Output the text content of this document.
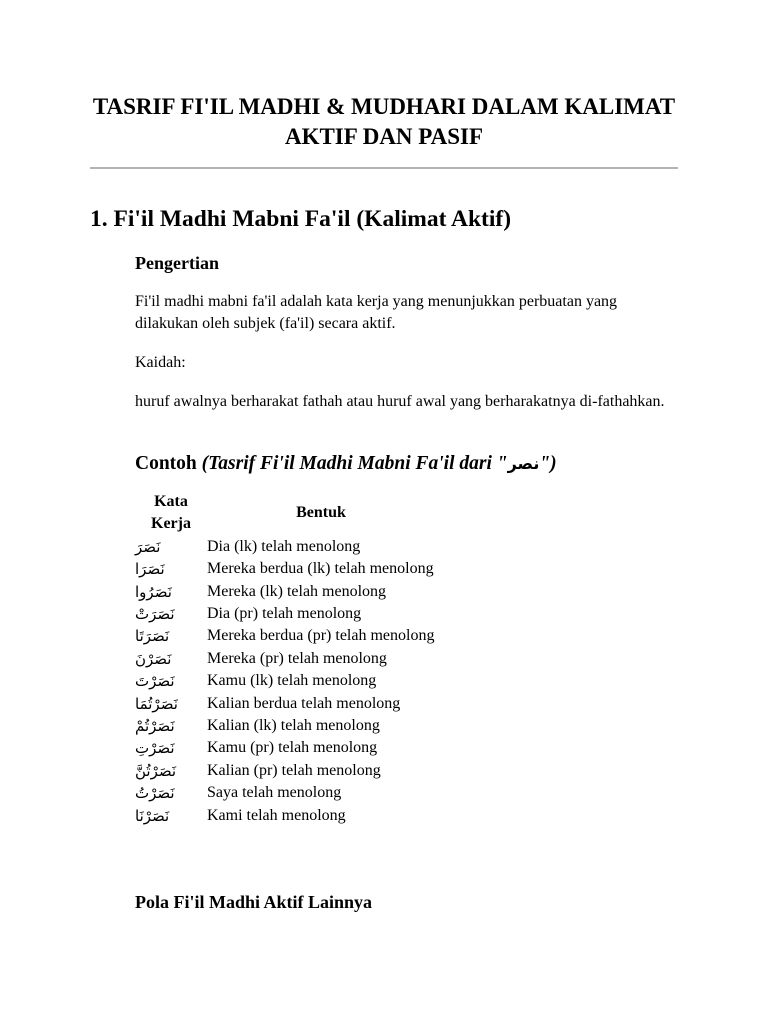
TASRIF FI'IL MADHI & MUDHARI DALAM KALIMAT AKTIF DAN PASIF
1. Fi'il Madhi Mabni Fa'il (Kalimat Aktif)
Pengertian

Fi'il madhi mabni fa'il adalah kata kerja yang menunjukkan perbuatan yang dilakukan oleh subjek (fa'il) secara aktif.

Kaidah:

huruf awalnya berharakat fathah atau huruf awal yang berharakatnya di-fathahkan.

Contoh (Tasrif Fi'il Madhi Mabni Fa'il dari "نصر")
Kata Kerja	Bentuk
نَصَرَ	Dia (lk) telah menolong
نَصَرَا	Mereka berdua (lk) telah menolong
نَصَرُوا	Mereka (lk) telah menolong
نَصَرَتْ	Dia (pr) telah menolong
نَصَرَتَا	Mereka berdua (pr) telah menolong
نَصَرْنَ	Mereka (pr) telah menolong
نَصَرْتَ	Kamu (lk) telah menolong
نَصَرْتُمَا	Kalian berdua telah menolong
نَصَرْتُمْ	Kalian (lk) telah menolong
نَصَرْتِ	Kamu (pr) telah menolong
نَصَرْتُنَّ	Kalian (pr) telah menolong
نَصَرْتُ	Saya telah menolong
نَصَرْنَا	Kami telah menolong
Pola Fi'il Madhi Aktif Lainnya
